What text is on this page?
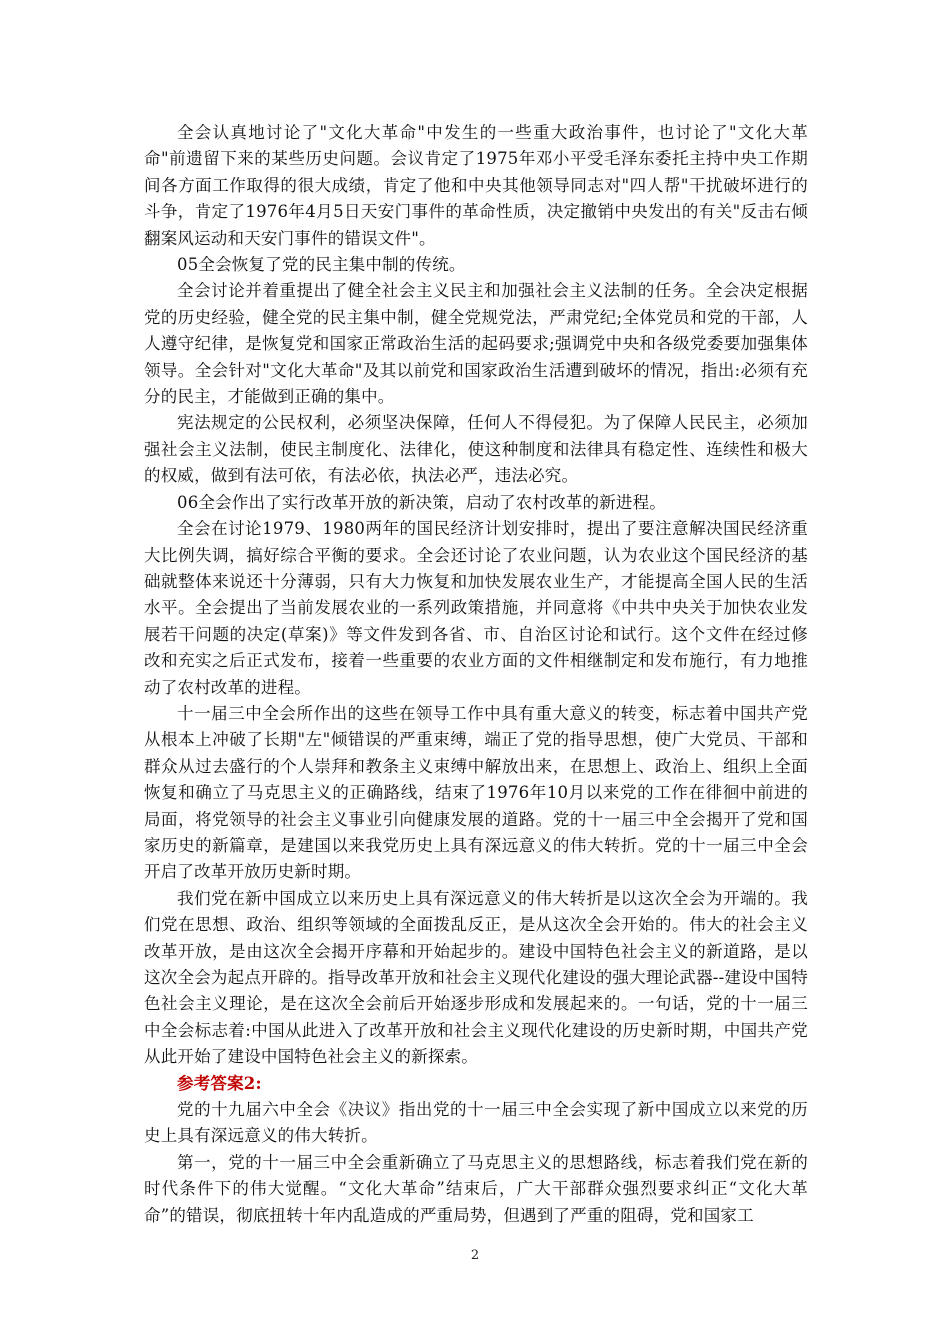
全会认真地讨论了"文化大革命"中发生的一些重大政治事件，也讨论了"文化大革命"前遗留下来的某些历史问题。会议肯定了1975年邓小平受毛泽东委托主持中央工作期间各方面工作取得的很大成绩，肯定了他和中央其他领导同志对"四人帮"干扰破坏进行的斗争，肯定了1976年4月5日天安门事件的革命性质，决定撤销中央发出的有关"反击右倾翻案风运动和天安门事件的错误文件"。

05全会恢复了党的民主集中制的传统。

全会讨论并着重提出了健全社会主义民主和加强社会主义法制的任务。全会决定根据党的历史经验，健全党的民主集中制，健全党规党法，严肃党纪;全体党员和党的干部，人人遵守纪律，是恢复党和国家正常政治生活的起码要求;强调党中央和各级党委要加强集体领导。全会针对"文化大革命"及其以前党和国家政治生活遭到破坏的情况，指出:必须有充分的民主，才能做到正确的集中。

宪法规定的公民权利，必须坚决保障，任何人不得侵犯。为了保障人民民主，必须加强社会主义法制，使民主制度化、法律化，使这种制度和法律具有稳定性、连续性和极大的权威，做到有法可依，有法必依，执法必严，违法必究。

06全会作出了实行改革开放的新决策，启动了农村改革的新进程。

全会在讨论1979、1980两年的国民经济计划安排时，提出了要注意解决国民经济重大比例失调，搞好综合平衡的要求。全会还讨论了农业问题，认为农业这个国民经济的基础就整体来说还十分薄弱，只有大力恢复和加快发展农业生产，才能提高全国人民的生活水平。全会提出了当前发展农业的一系列政策措施，并同意将《中共中央关于加快农业发展若干问题的决定(草案)》等文件发到各省、市、自治区讨论和试行。这个文件在经过修改和充实之后正式发布，接着一些重要的农业方面的文件相继制定和发布施行，有力地推动了农村改革的进程。

十一届三中全会所作出的这些在领导工作中具有重大意义的转变，标志着中国共产党从根本上冲破了长期"左"倾错误的严重束缚，端正了党的指导思想，使广大党员、干部和群众从过去盛行的个人崇拜和教条主义束缚中解放出来，在思想上、政治上、组织上全面恢复和确立了马克思主义的正确路线，结束了1976年10月以来党的工作在徘徊中前进的局面，将党领导的社会主义事业引向健康发展的道路。党的十一届三中全会揭开了党和国家历史的新篇章，是建国以来我党历史上具有深远意义的伟大转折。党的十一届三中全会开启了改革开放历史新时期。

我们党在新中国成立以来历史上具有深远意义的伟大转折是以这次全会为开端的。我们党在思想、政治、组织等领域的全面拨乱反正，是从这次全会开始的。伟大的社会主义改革开放，是由这次全会揭开序幕和开始起步的。建设中国特色社会主义的新道路，是以这次全会为起点开辟的。指导改革开放和社会主义现代化建设的强大理论武器--建设中国特色社会主义理论，是在这次全会前后开始逐步形成和发展起来的。一句话，党的十一届三中全会标志着:中国从此进入了改革开放和社会主义现代化建设的历史新时期，中国共产党从此开始了建设中国特色社会主义的新探索。

参考答案2:

党的十九届六中全会《决议》指出党的十一届三中全会实现了新中国成立以来党的历史上具有深远意义的伟大转折。

第一，党的十一届三中全会重新确立了马克思主义的思想路线，标志着我们党在新的时代条件下的伟大觉醒。“文化大革命”结束后，广大干部群众强烈要求纠正“文化大革命”的错误，彻底扭转十年内乱造成的严重局势，但遇到了严重的阻碍，党和国家工

2
